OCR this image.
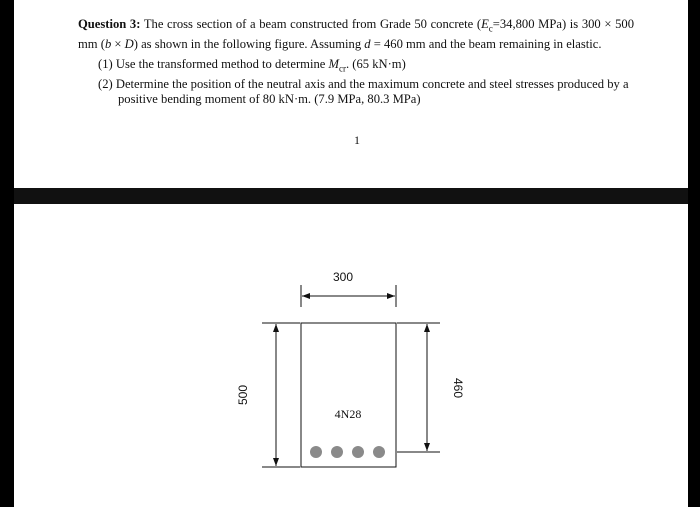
Question 3: The cross section of a beam constructed from Grade 50 concrete ($E_c=34,800$ MPa) is 300 × 500 mm (b × D) as shown in the following figure. Assuming d = 460 mm and the beam remaining in elastic.

(1) Use the transformed method to determine $M_{cr}$. (65 kN·m)
(2) Determine the position of the neutral axis and the maximum concrete and steel stresses produced by a positive bending moment of 80 kN·m. (7.9 MPa, 80.3 MPa)
1
300
500	460
4N28
